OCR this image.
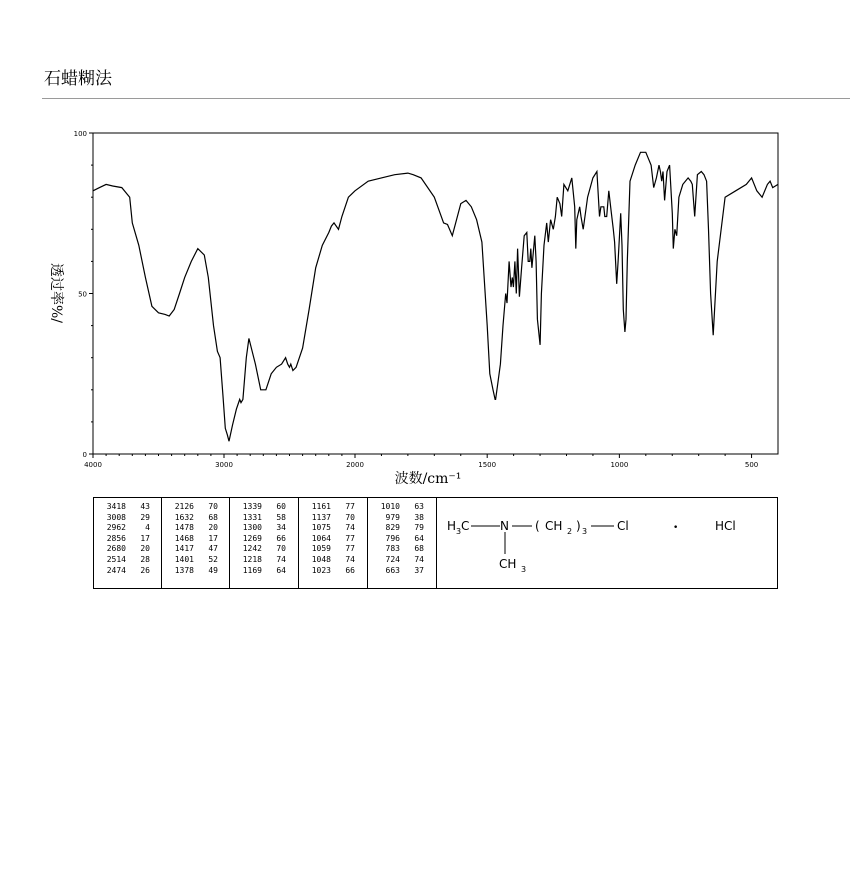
石蜡糊法
4000	3000	2000	1500	1000	500
0
50
100
波数/cm⁻¹
透过率%/
3418	43
3008	29
2962	4
2856	17
2680	20
2514	28
2474	26
2126	70
1632	68
1478	20
1468	17
1417	47
1401	52
1378	49
1339	60
1331	58
1300	34
1269	66
1242	70
1218	74
1169	64
1161	77
1137	70
1075	74
1064	77
1059	77
1048	74
1023	66
1010	63
979	38
829	79
796	64
783	68
724	74
663	37
H 3 C	N ( CH 2 ) 3 Cl	•	HCl
CH 3
